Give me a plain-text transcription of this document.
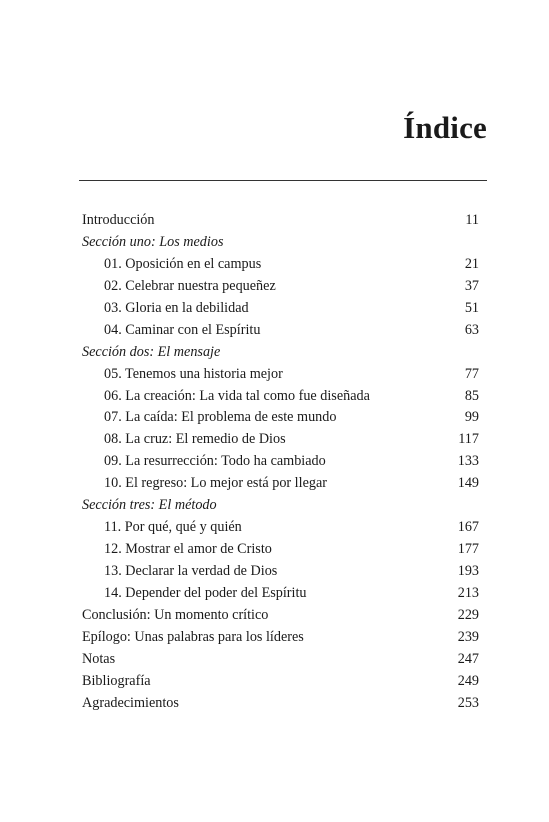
Índice
Introducción	11
Sección uno: Los medios
01. Oposición en el campus	21
02. Celebrar nuestra pequeñez	37
03. Gloria en la debilidad	51
04. Caminar con el Espíritu	63
Sección dos: El mensaje
05. Tenemos una historia mejor	77
06. La creación: La vida tal como fue diseñada	85
07. La caída: El problema de este mundo	99
08. La cruz: El remedio de Dios	117
09. La resurrección: Todo ha cambiado	133
10. El regreso: Lo mejor está por llegar	149
Sección tres: El método
11. Por qué, qué y quién	167
12. Mostrar el amor de Cristo	177
13. Declarar la verdad de Dios	193
14. Depender del poder del Espíritu	213
Conclusión: Un momento crítico	229
Epílogo: Unas palabras para los líderes	239
Notas	247
Bibliografía	249
Agradecimientos	253
